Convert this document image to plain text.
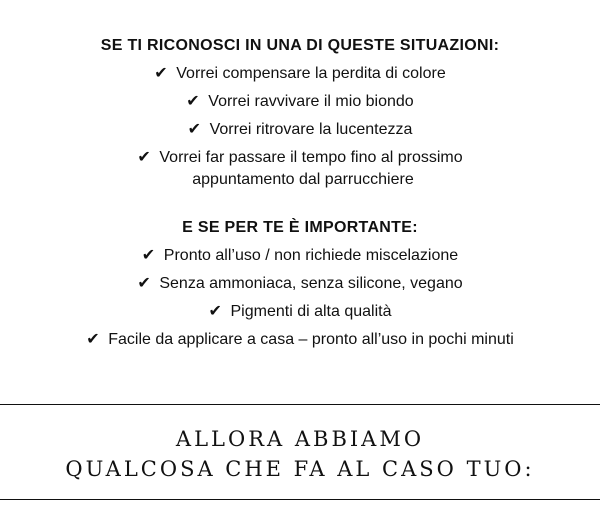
SE TI RICONOSCI IN UNA DI QUESTE SITUAZIONI:
✔ Vorrei compensare la perdita di colore
✔ Vorrei ravvivare il mio biondo
✔ Vorrei ritrovare la lucentezza
✔ Vorrei far passare il tempo fino al prossimo
appuntamento dal parrucchiere
E SE PER TE È IMPORTANTE:
✔ Pronto all’uso / non richiede miscelazione
✔ Senza ammoniaca, senza silicone, vegano
✔ Pigmenti di alta qualità
✔ Facile da applicare a casa – pronto all’uso in pochi minuti
ALLORA ABBIAMO
QUALCOSA CHE FA AL CASO TUO:
